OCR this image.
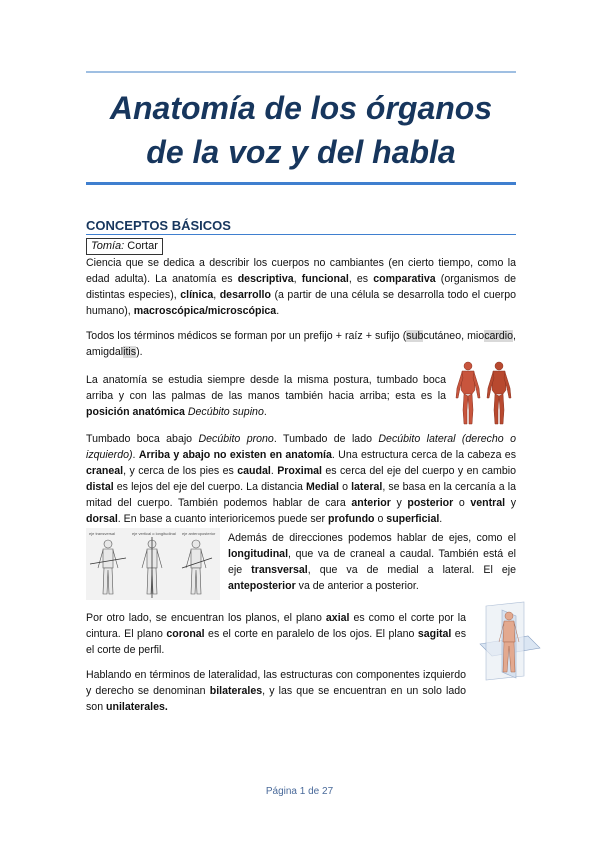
Anatomía de los órganos
de la voz y del habla
CONCEPTOS BÁSICOS
Tomía: Cortar

Ciencia que se dedica a describir los cuerpos no cambiantes (en cierto tiempo, como la edad adulta). La anatomía es descriptiva, funcional, es comparativa (organismos de distintas especies), clínica, desarrollo (a partir de una célula se desarrolla todo el cuerpo humano), macroscópica/microscópica.

Todos los términos médicos se forman por un prefijo + raíz + sufijo (subcutáneo, miocardio, amigdalitis).

La anatomía se estudia siempre desde la misma postura, tumbado boca arriba y con las palmas de las manos también hacia arriba; esta es la posición anatómica Decúbito supino.

Tumbado boca abajo Decúbito prono. Tumbado de lado Decúbito lateral (derecho o izquierdo). Arriba y abajo no existen en anatomía. Una estructura cerca de la cabeza es craneal, y cerca de los pies es caudal. Proximal es cerca del eje del cuerpo y en cambio distal es lejos del eje del cuerpo. La distancia Medial o lateral, se basa en la cercanía a la mitad del cuerpo. También podemos hablar de cara anterior y posterior o ventral y dorsal. En base a cuanto interioricemos puede ser profundo o superficial.

Además de direcciones podemos hablar de ejes, como el longitudinal, que va de craneal a caudal. También está el eje transversal, que va de medial a lateral. El eje anteposterior va de anterior a posterior.

Por otro lado, se encuentran los planos, el plano axial es como el corte por la cintura. El plano coronal es el corte en paralelo de los ojos. El plano sagital es el corte de perfil.

Hablando en términos de lateralidad, las estructuras con componentes izquierdo y derecho se denominan bilaterales, y las que se encuentran en un solo lado son unilaterales.

eje transversal	eje vertical o longitudinal eje anteroposterior
Página 1 de 27
